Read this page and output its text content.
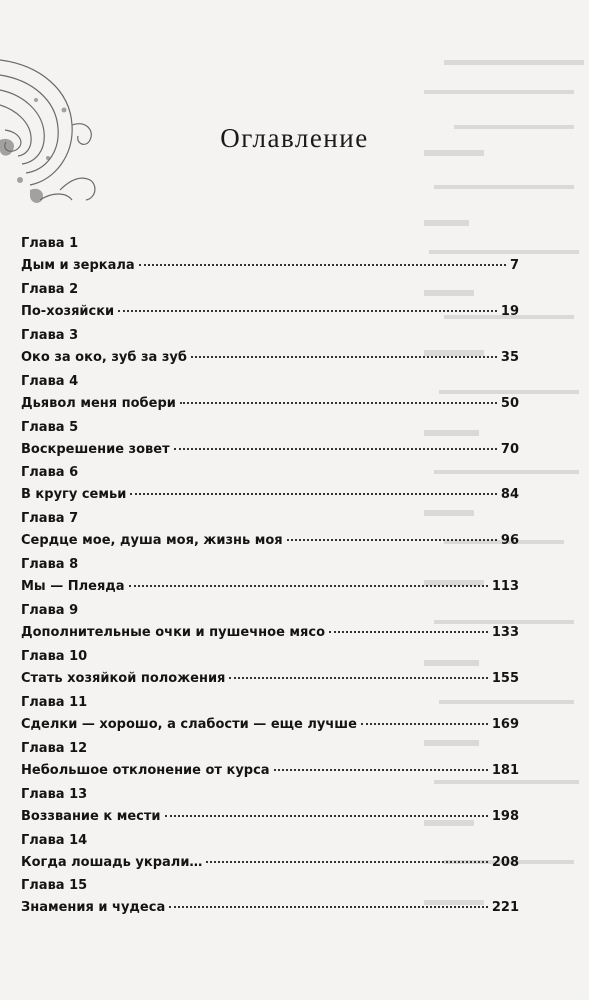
Оглавление
Глава 1
Дым и зеркала	7
Глава 2
По-хозяйски	19
Глава 3
Око за око, зуб за зуб	35
Глава 4
Дьявол меня побери	50
Глава 5
Воскрешение зовет	70
Глава 6
В кругу семьи	84
Глава 7
Сердце мое, душа моя, жизнь моя	96
Глава 8
Мы — Плеяда	113
Глава 9
Дополнительные очки и пушечное мясо	133
Глава 10
Стать хозяйкой положения	155
Глава 11
Сделки — хорошо, а слабости — еще лучше	169
Глава 12
Небольшое отклонение от курса	181
Глава 13
Воззвание к мести	198
Глава 14
Когда лошадь украли…	208
Глава 15
Знамения и чудеса	221
